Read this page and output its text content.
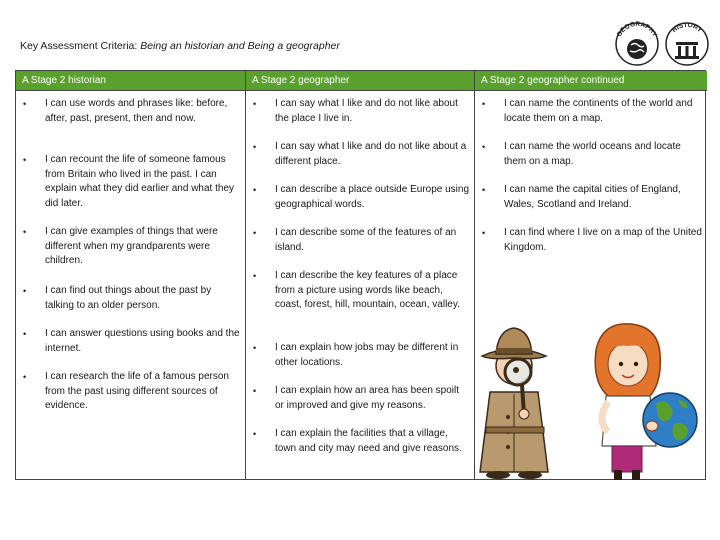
Key Assessment Criteria: Being an historian and Being a geographer
GEOGRAPHY
HISTORY
A Stage 2 historian
• I can use words and phrases like: before, after, past, present, then and now.
• I can recount the life of someone famous from Britain who lived in the past. I can explain what they did earlier and what they did later.
• I can give examples of things that were different when my grandparents were children.
• I can find out things about the past by talking to an older person.
• I can answer questions using books and the internet.
• I can research the life of a famous person from the past using different sources of evidence.
A Stage 2 geographer
• I can say what I like and do not like about the place I live in.
• I can say what I like and do not like about a different place.
• I can describe a place outside Europe using geographical words.
• I can describe some of the features of an island.
• I can describe the key features of a place from a picture using words like beach, coast, forest, hill, mountain, ocean, valley.
• I can explain how jobs may be different in other locations.
• I can explain how an area has been spoilt or improved and give my reasons.
• I can explain the facilities that a village, town and city may need and give reasons.
A Stage 2 geographer continued
• I can name the continents of the world and locate them on a map.
• I can name the world oceans and locate them on a map.
• I can name the capital cities of England, Wales, Scotland and Ireland.
• I can find where I live on a map of the United Kingdom.
